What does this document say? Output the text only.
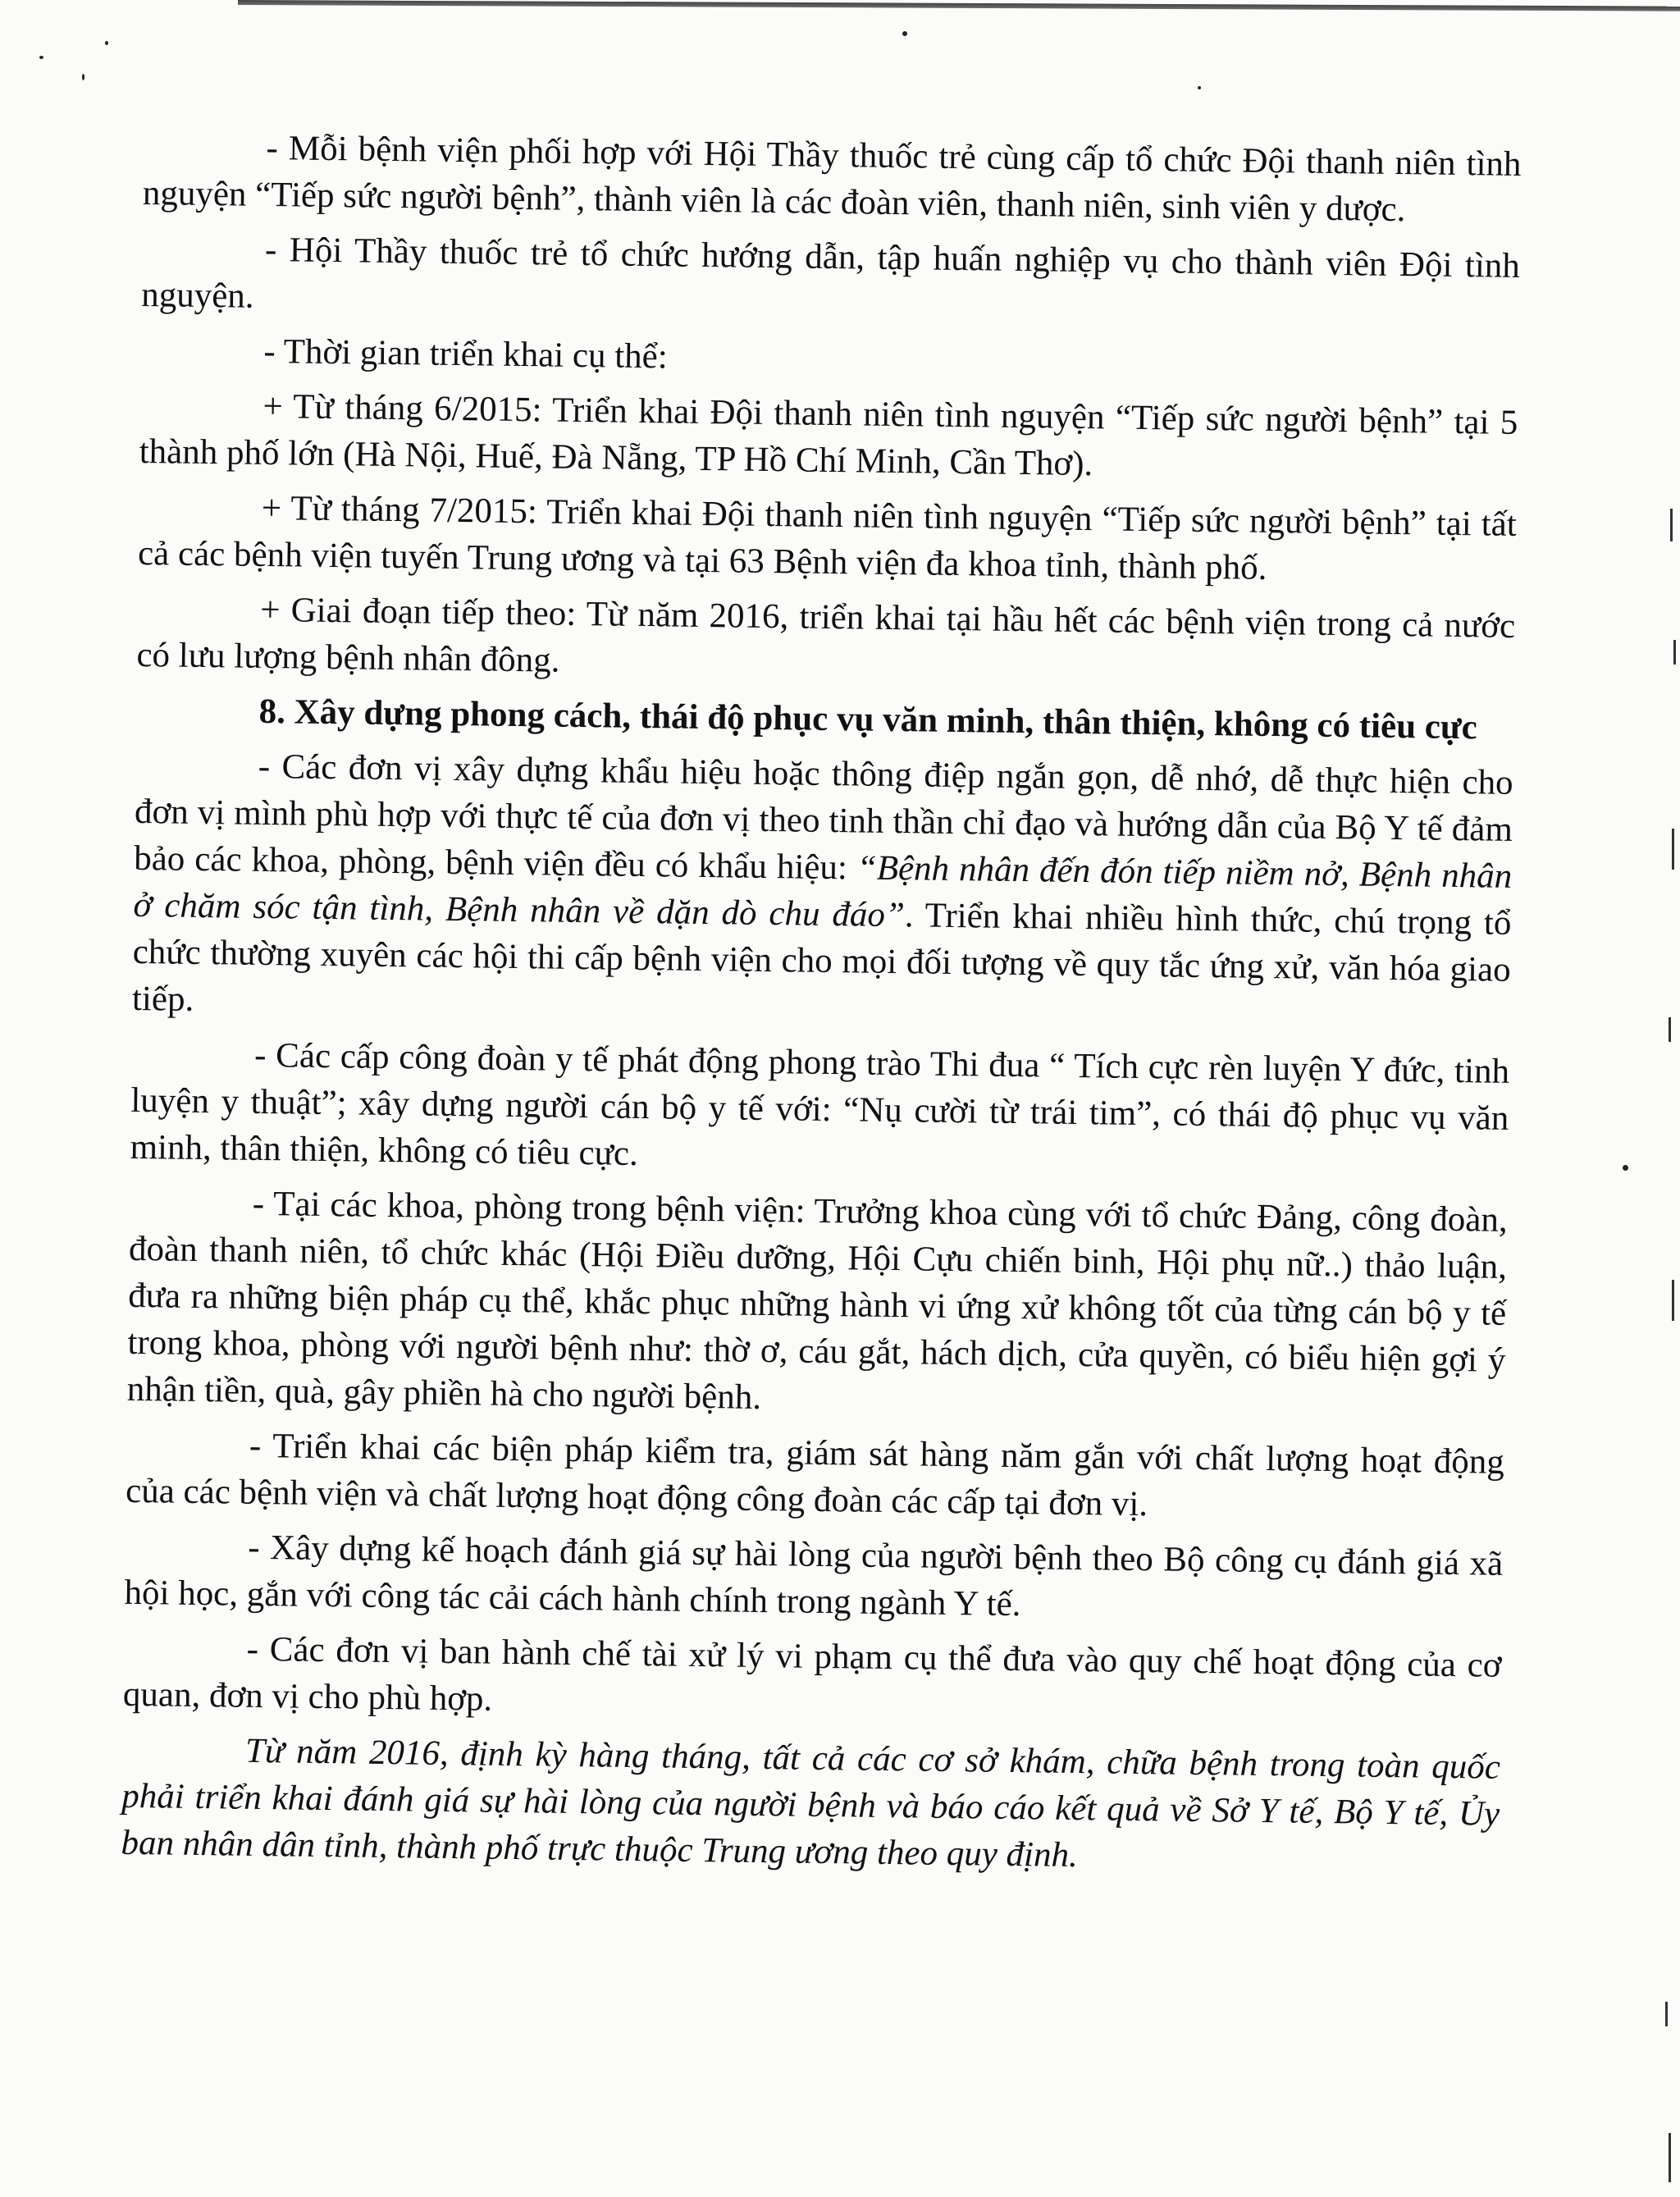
- Mỗi bệnh viện phối hợp với Hội Thầy thuốc trẻ cùng cấp tổ chức Đội thanh niên tình nguyện “Tiếp sức người bệnh”, thành viên là các đoàn viên, thanh niên, sinh viên y dược.

- Hội Thầy thuốc trẻ tổ chức hướng dẫn, tập huấn nghiệp vụ cho thành viên Đội tình nguyện.

- Thời gian triển khai cụ thể:

+ Từ tháng 6/2015: Triển khai Đội thanh niên tình nguyện “Tiếp sức người bệnh” tại 5 thành phố lớn (Hà Nội, Huế, Đà Nẵng, TP Hồ Chí Minh, Cần Thơ).

+ Từ tháng 7/2015: Triển khai Đội thanh niên tình nguyện “Tiếp sức người bệnh” tại tất cả các bệnh viện tuyến Trung ương và tại 63 Bệnh viện đa khoa tỉnh, thành phố.

+ Giai đoạn tiếp theo: Từ năm 2016, triển khai tại hầu hết các bệnh viện trong cả nước có lưu lượng bệnh nhân đông.

8. Xây dựng phong cách, thái độ phục vụ văn minh, thân thiện, không có tiêu cực

- Các đơn vị xây dựng khẩu hiệu hoặc thông điệp ngắn gọn, dễ nhớ, dễ thực hiện cho đơn vị mình phù hợp với thực tế của đơn vị theo tinh thần chỉ đạo và hướng dẫn của Bộ Y tế đảm bảo các khoa, phòng, bệnh viện đều có khẩu hiệu: “Bệnh nhân đến đón tiếp niềm nở, Bệnh nhân ở chăm sóc tận tình, Bệnh nhân về dặn dò chu đáo”. Triển khai nhiều hình thức, chú trọng tổ chức thường xuyên các hội thi cấp bệnh viện cho mọi đối tượng về quy tắc ứng xử, văn hóa giao tiếp.

- Các cấp công đoàn y tế phát động phong trào Thi đua “ Tích cực rèn luyện Y đức, tinh luyện y thuật”; xây dựng người cán bộ y tế với: “Nụ cười từ trái tim”, có thái độ phục vụ văn minh, thân thiện, không có tiêu cực.

- Tại các khoa, phòng trong bệnh viện: Trưởng khoa cùng với tổ chức Đảng, công đoàn, đoàn thanh niên, tổ chức khác (Hội Điều dưỡng, Hội Cựu chiến binh, Hội phụ nữ..) thảo luận, đưa ra những biện pháp cụ thể, khắc phục những hành vi ứng xử không tốt của từng cán bộ y tế trong khoa, phòng với người bệnh như: thờ ơ, cáu gắt, hách dịch, cửa quyền, có biểu hiện gợi ý nhận tiền, quà, gây phiền hà cho người bệnh.

- Triển khai các biện pháp kiểm tra, giám sát hàng năm gắn với chất lượng hoạt động của các bệnh viện và chất lượng hoạt động công đoàn các cấp tại đơn vị.

- Xây dựng kế hoạch đánh giá sự hài lòng của người bệnh theo Bộ công cụ đánh giá xã hội học, gắn với công tác cải cách hành chính trong ngành Y tế.

- Các đơn vị ban hành chế tài xử lý vi phạm cụ thể đưa vào quy chế hoạt động của cơ quan, đơn vị cho phù hợp.

Từ năm 2016, định kỳ hàng tháng, tất cả các cơ sở khám, chữa bệnh trong toàn quốc phải triển khai đánh giá sự hài lòng của người bệnh và báo cáo kết quả về Sở Y tế, Bộ Y tế, Ủy ban nhân dân tỉnh, thành phố trực thuộc Trung ương theo quy định.
